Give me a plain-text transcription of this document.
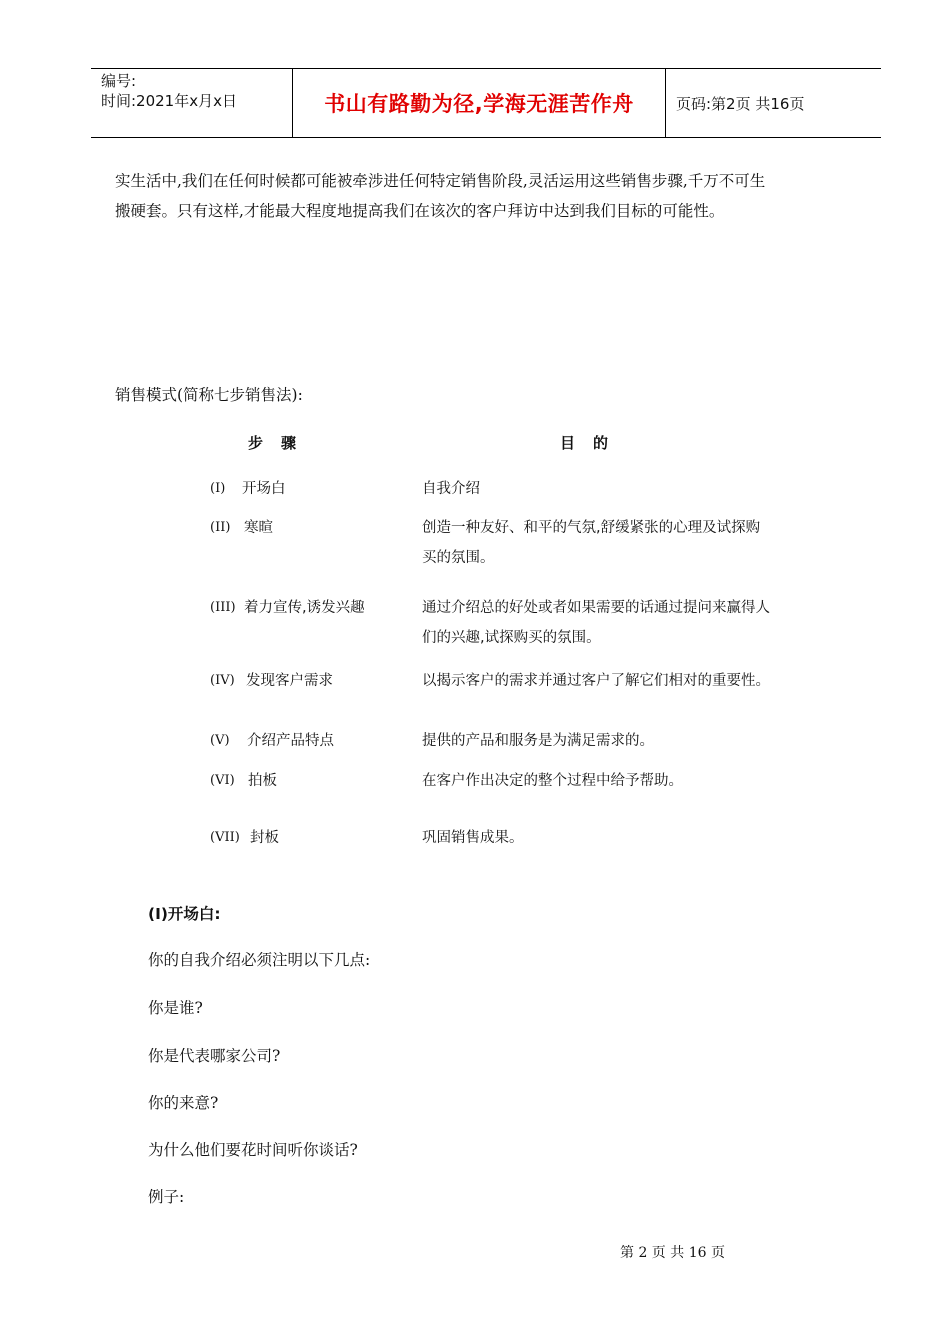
编号:
时间:2021年x月x日	书山有路勤为径,学海无涯苦作舟	页码:第2页 共16页
实生活中,我们在任何时候都可能被牵涉进任何特定销售阶段,灵活运用这些销售步骤,千万不可生
搬硬套。只有这样,才能最大程度地提高我们在该次的客户拜访中达到我们目标的可能性。
销售模式(简称七步销售法):
步骤	目的
(I) 开场白	自我介绍
(II) 寒暄	创造一种友好、和平的气氛,舒缓紧张的心理及试探购买的氛围。
(III) 着力宣传,诱发兴趣	通过介绍总的好处或者如果需要的话通过提问来赢得人们的兴趣,试探购买的氛围。
(IV) 发现客户需求	以揭示客户的需求并通过客户了解它们相对的重要性。
(V) 介绍产品特点	提供的产品和服务是为满足需求的。
(VI) 拍板	在客户作出决定的整个过程中给予帮助。
(VII) 封板	巩固销售成果。
(I)开场白:
你的自我介绍必须注明以下几点:
你是谁?
你是代表哪家公司?
你的来意?
为什么他们要花时间听你谈话?
例子:
第 2 页 共 16 页
